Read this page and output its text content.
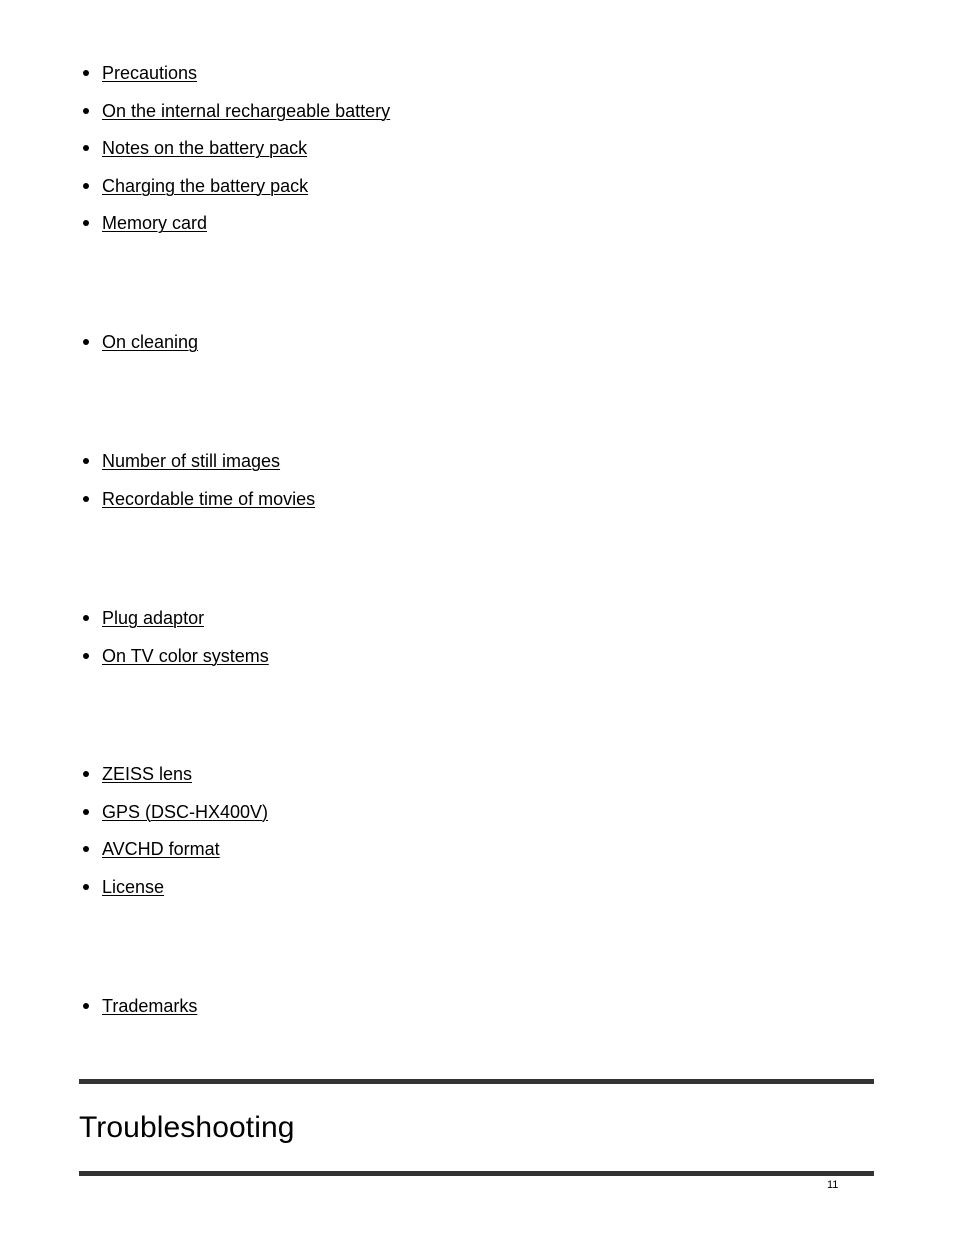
Precautions
On the internal rechargeable battery
Notes on the battery pack
Charging the battery pack
Memory card
On cleaning
Number of still images
Recordable time of movies
Plug adaptor
On TV color systems
ZEISS lens
GPS (DSC-HX400V)
AVCHD format
License
Trademarks
Troubleshooting
11
